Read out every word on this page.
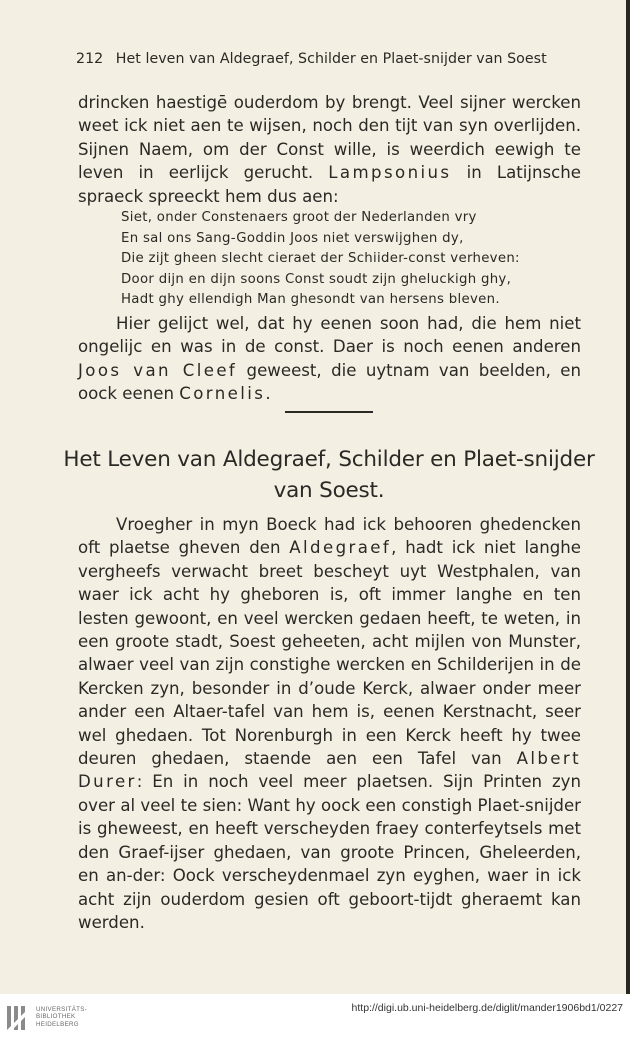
212 Het leven van Aldegraef, Schilder en Plaet-snijder van Soest

drincken haestigē ouderdom by brengt. Veel sijner wercken weet ick niet aen te wijsen, noch den tijt van syn overlijden. Sijnen Naem, om der Const wille, is weerdich eewigh te leven in eerlijck gerucht. Lampsonius in Latijnsche spraeck spreeckt hem dus aen:

Siet, onder Constenaers groot der Nederlanden vry
En sal ons Sang-Goddin Joos niet verswijghen dy,
Die zijt gheen slecht cieraet der Schiider-const verheven:
Door dijn en dijn soons Const soudt zijn gheluckigh ghy,
Hadt ghy ellendigh Man ghesondt van hersens bleven.

Hier gelijct wel, dat hy eenen soon had, die hem niet ongelijc en was in de const. Daer is noch eenen anderen Joos van Cleef geweest, die uytnam van beelden, en oock eenen Cornelis.

Het Leven van Aldegraef, Schilder en Plaet-snijder
van Soest.

Vroegher in myn Boeck had ick behooren ghedencken oft plaetse gheven den Aldegraef, hadt ick niet langhe vergheefs verwacht breet bescheyt uyt Westphalen, van waer ick acht hy gheboren is, oft immer langhe en ten lesten gewoont, en veel wercken gedaen heeft, te weten, in een groote stadt, Soest geheeten, acht mijlen von Munster, alwaer veel van zijn constighe wercken en Schilderijen in de Kercken zyn, besonder in d’oude Kerck, alwaer onder meer ander een Altaer-tafel van hem is, eenen Kerstnacht, seer wel ghedaen. Tot Norenburgh in een Kerck heeft hy twee deuren ghedaen, staende aen een Tafel van Albert Durer: En in noch veel meer plaetsen. Sijn Printen zyn over al veel te sien: Want hy oock een constigh Plaet-snijder is gheweest, en heeft verscheyden fraey conterfeytsels met den Graef-ijser ghedaen, van groote Princen, Gheleerden, en an-der: Oock verscheydenmael zyn eyghen, waer in ick acht zijn ouderdom gesien oft geboort-tijdt gheraemt kan werden.

UNIVERSITÄTS-
BIBLIOTHEK
HEIDELBERG
http://digi.ub.uni-heidelberg.de/diglit/mander1906bd1/0227
